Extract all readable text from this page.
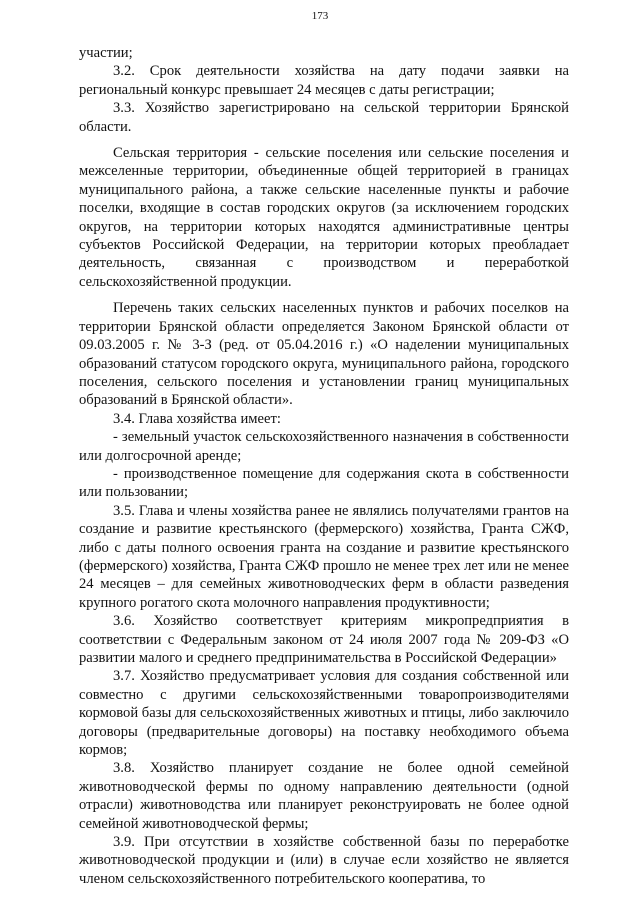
173

участии;

3.2. Срок деятельности хозяйства на дату подачи заявки на региональный конкурс превышает 24 месяцев с даты регистрации;

3.3. Хозяйство зарегистрировано на сельской территории Брянской области.

Сельская территория - сельские поселения или сельские поселения и межселенные территории, объединенные общей территорией в границах муниципального района, а также сельские населенные пункты и рабочие поселки, входящие в состав городских округов (за исключением городских округов, на территории которых находятся административные центры субъектов Российской Федерации, на территории которых преобладает деятельность, связанная с производством и переработкой сельскохозяйственной продукции.

Перечень таких сельских населенных пунктов и рабочих поселков на территории Брянской области определяется Законом Брянской области от 09.03.2005 г. № 3-З (ред. от 05.04.2016 г.) «О наделении муниципальных образований статусом городского округа, муниципального района, городского поселения, сельского поселения и установлении границ муниципальных образований в Брянской области».

3.4. Глава хозяйства имеет:

- земельный участок сельскохозяйственного назначения в собственности или долгосрочной аренде;

- производственное помещение для содержания скота в собственности или пользовании;

3.5. Глава и члены хозяйства ранее не являлись получателями грантов на создание и развитие крестьянского (фермерского) хозяйства, Гранта СЖФ, либо с даты полного освоения гранта на создание и развитие крестьянского (фермерского) хозяйства, Гранта СЖФ прошло не менее трех лет или не менее 24 месяцев – для семейных животноводческих ферм в области разведения крупного рогатого скота молочного направления продуктивности;

3.6. Хозяйство соответствует критериям микропредприятия в соответствии с Федеральным законом от 24 июля 2007 года № 209-ФЗ «О развитии малого и среднего предпринимательства в Российской Федерации»

3.7. Хозяйство предусматривает условия для создания собственной или совместно с другими сельскохозяйственными товаропроизводителями кормовой базы для сельскохозяйственных животных и птицы, либо заключило договоры (предварительные договоры) на поставку необходимого объема кормов;

3.8. Хозяйство планирует создание не более одной семейной животноводческой фермы по одному направлению деятельности (одной отрасли) животноводства или планирует реконструировать не более одной семейной животноводческой фермы;

3.9. При отсутствии в хозяйстве собственной базы по переработке животноводческой продукции и (или) в случае если хозяйство не является членом сельскохозяйственного потребительского кооператива, то
